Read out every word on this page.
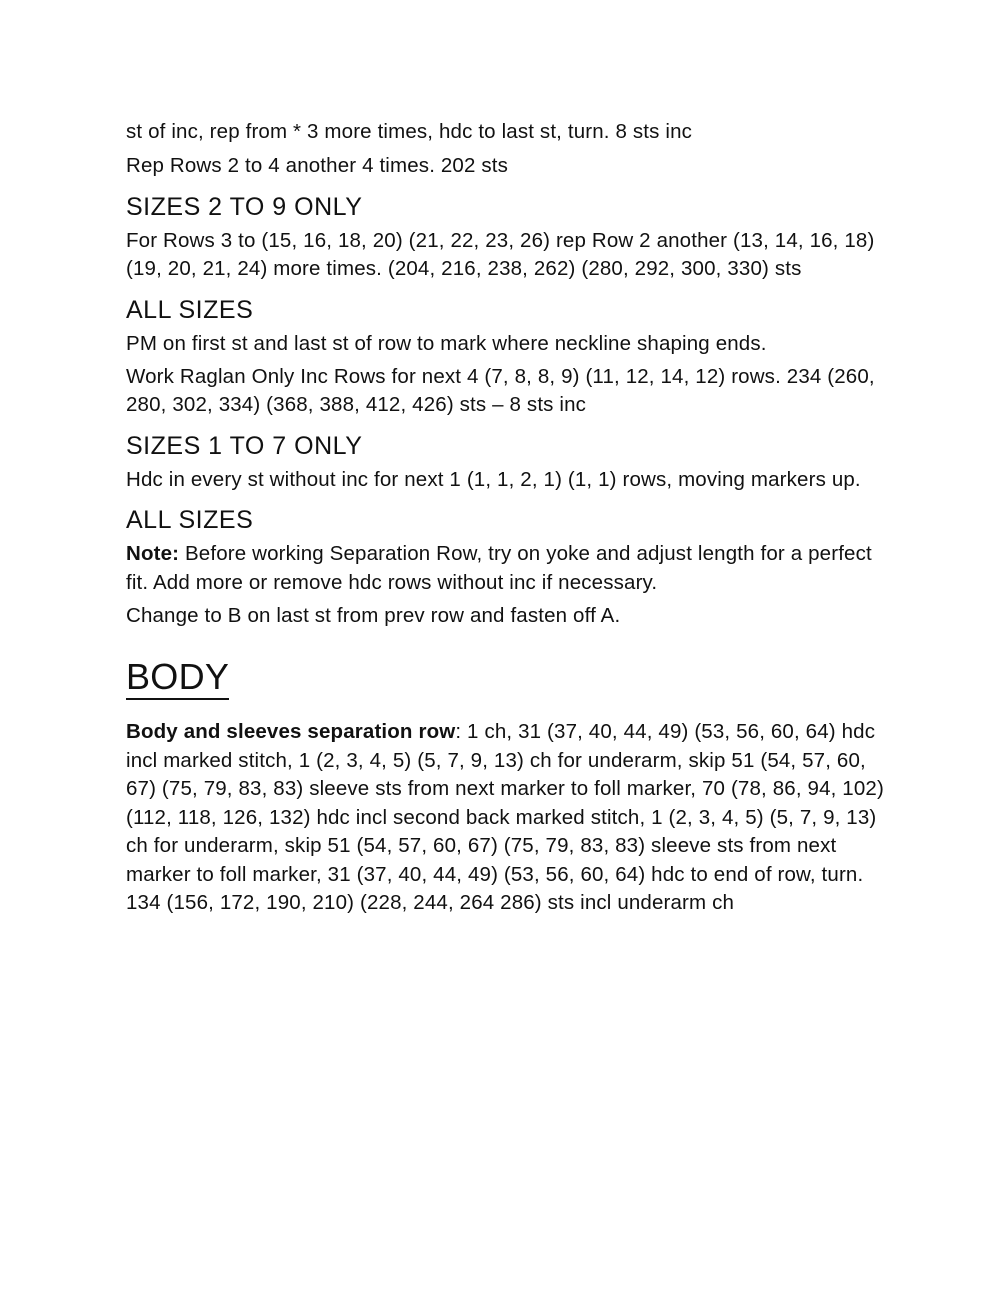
st of inc, rep from * 3 more times, hdc to last st, turn. 8 sts inc

Rep Rows 2 to 4 another 4 times. 202 sts

SIZES 2 TO 9 ONLY

For Rows 3 to (15, 16, 18, 20) (21, 22, 23, 26) rep Row 2 another (13, 14, 16, 18) (19, 20, 21, 24) more times. (204, 216, 238, 262) (280, 292, 300, 330) sts

ALL SIZES

PM on first st and last st of row to mark where neckline shaping ends.

Work Raglan Only Inc Rows for next 4 (7, 8, 8, 9) (11, 12, 14, 12) rows. 234 (260, 280, 302, 334) (368, 388, 412, 426) sts – 8 sts inc

SIZES 1 TO 7 ONLY

Hdc in every st without inc for next 1 (1, 1, 2, 1) (1, 1) rows, moving markers up.

ALL SIZES

Note: Before working Separation Row, try on yoke and adjust length for a perfect fit. Add more or remove hdc rows without inc if necessary.

Change to B on last st from prev row and fasten off A.

BODY

Body and sleeves separation row: 1 ch, 31 (37, 40, 44, 49) (53, 56, 60, 64) hdc incl marked stitch, 1 (2, 3, 4, 5) (5, 7, 9, 13) ch for underarm, skip 51 (54, 57, 60, 67) (75, 79, 83, 83) sleeve sts from next marker to foll marker, 70 (78, 86, 94, 102) (112, 118, 126, 132) hdc incl second back marked stitch, 1 (2, 3, 4, 5) (5, 7, 9, 13) ch for underarm, skip 51 (54, 57, 60, 67) (75, 79, 83, 83) sleeve sts from next marker to foll marker, 31 (37, 40, 44, 49) (53, 56, 60, 64) hdc to end of row, turn. 134 (156, 172, 190, 210) (228, 244, 264 286) sts incl underarm ch
